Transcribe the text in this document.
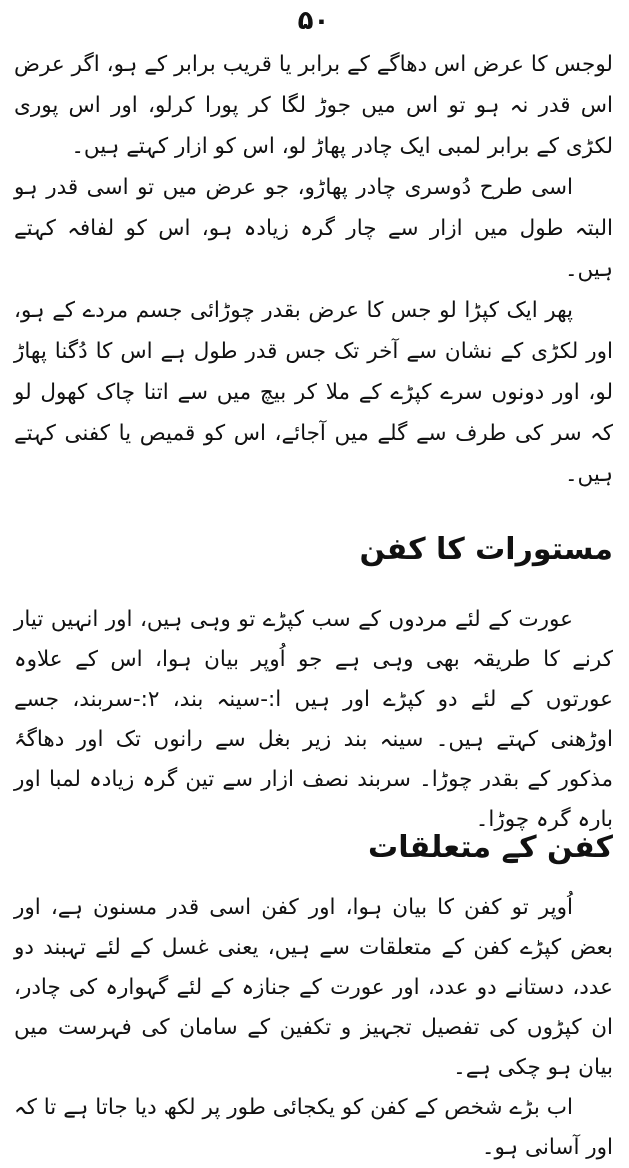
۵۰

لوجس کا عرض اس دھاگے کے برابر یا قریب برابر کے ہو، اگر عرض اس قدر نہ ہو تو اس میں جوڑ لگا کر پورا کرلو، اور اس پوری لکڑی کے برابر لمبی ایک چادر پھاڑ لو، اس کو ازار کہتے ہیں۔

اسی طرح دُوسری چادر پھاڑو، جو عرض میں تو اسی قدر ہو البتہ طول میں ازار سے چار گرہ زیادہ ہو، اس کو لفافہ کہتے ہیں۔

پھر ایک کپڑا لو جس کا عرض بقدر چوڑائی جسم مردے کے ہو، اور لکڑی کے نشان سے آخر تک جس قدر طول ہے اس کا دُگنا پھاڑ لو، اور دونوں سرے کپڑے کے ملا کر بیچ میں سے اتنا چاک کھول لو کہ سر کی طرف سے گلے میں آجائے، اس کو قمیص یا کفنی کہتے ہیں۔

مستورات کا کفن

عورت کے لئے مردوں کے سب کپڑے تو وہی ہیں، اور انہیں تیار کرنے کا طریقہ بھی وہی ہے جو اُوپر بیان ہوا، اس کے علاوہ عورتوں کے لئے دو کپڑے اور ہیں ا:-سینہ بند، ۲:-سربند، جسے اوڑھنی کہتے ہیں۔ سینہ بند زیر بغل سے رانوں تک اور دھاگۂ مذکور کے بقدر چوڑا۔ سربند نصف ازار سے تین گرہ زیادہ لمبا اور بارہ گرہ چوڑا۔

کفن کے متعلقات

اُوپر تو کفن کا بیان ہوا، اور کفن اسی قدر مسنون ہے، اور بعض کپڑے کفن کے متعلقات سے ہیں، یعنی غسل کے لئے تہبند دو عدد، دستانے دو عدد، اور عورت کے جنازہ کے لئے گہوارہ کی چادر، ان کپڑوں کی تفصیل تجہیز و تکفین کے سامان کی فہرست میں بیان ہو چکی ہے۔

اب بڑے شخص کے کفن کو یکجائی طور پر لکھ دیا جاتا ہے تا کہ اور آسانی ہو۔
